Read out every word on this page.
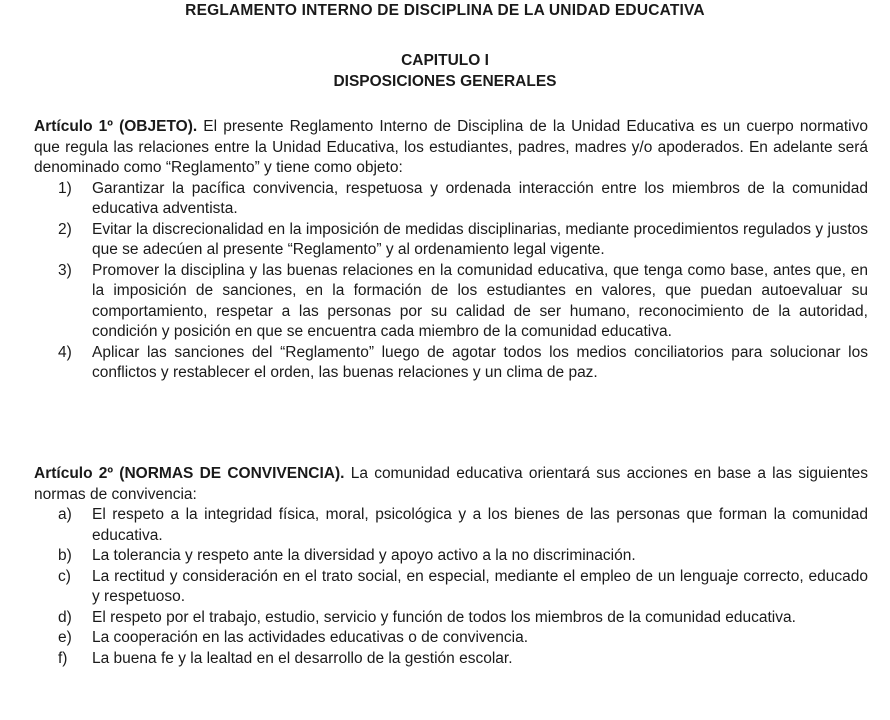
REGLAMENTO INTERNO DE DISCIPLINA DE LA UNIDAD EDUCATIVA
CAPITULO I
DISPOSICIONES GENERALES

Artículo 1º (OBJETO). El presente Reglamento Interno de Disciplina de la Unidad Educativa es un cuerpo normativo que regula las relaciones entre la Unidad Educativa, los estudiantes, padres, madres y/o apoderados. En adelante será denominado como “Reglamento” y tiene como objeto:

1)	Garantizar la pacífica convivencia, respetuosa y ordenada interacción entre los miembros de la comunidad educativa adventista.
2)	Evitar la discrecionalidad en la imposición de medidas disciplinarias, mediante procedimientos regulados y justos que se adecúen al presente “Reglamento” y al ordenamiento legal vigente.
3)	Promover la disciplina y las buenas relaciones en la comunidad educativa, que tenga como base, antes que, en la imposición de sanciones, en la formación de los estudiantes en valores, que puedan autoevaluar su comportamiento, respetar a las personas por su calidad de ser humano, reconocimiento de la autoridad, condición y posición en que se encuentra cada miembro de la comunidad educativa.
4)	Aplicar las sanciones del “Reglamento” luego de agotar todos los medios conciliatorios para solucionar los conflictos y restablecer el orden, las buenas relaciones y un clima de paz.

Artículo 2º (NORMAS DE CONVIVENCIA). La comunidad educativa orientará sus acciones en base a las siguientes normas de convivencia:

a)	El respeto a la integridad física, moral, psicológica y a los bienes de las personas que forman la comunidad educativa.
b)	La tolerancia y respeto ante la diversidad y apoyo activo a la no discriminación.
c)	La rectitud y consideración en el trato social, en especial, mediante el empleo de un lenguaje correcto, educado y respetuoso.
d)	El respeto por el trabajo, estudio, servicio y función de todos los miembros de la comunidad educativa.
e)	La cooperación en las actividades educativas o de convivencia.
f)	La buena fe y la lealtad en el desarrollo de la gestión escolar.
